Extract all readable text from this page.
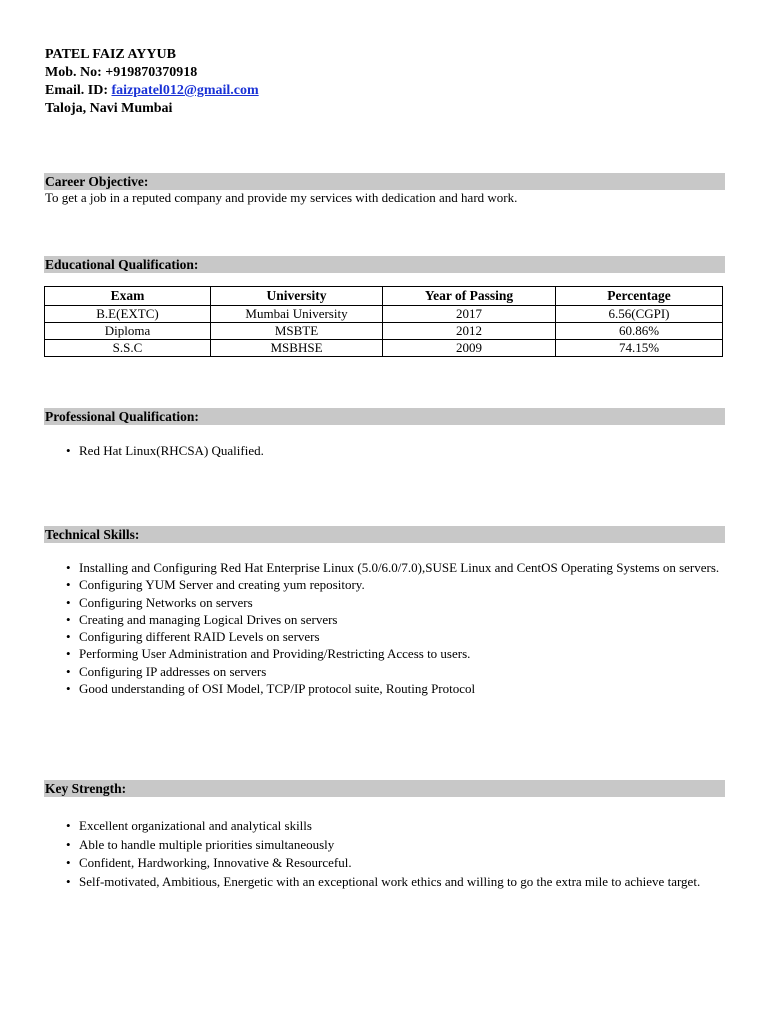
PATEL FAIZ AYYUB
Mob. No: +919870370918
Email. ID: faizpatel012@gmail.com
Taloja, Navi Mumbai
Career Objective:
To get a job in a reputed company and provide my services with dedication and hard work.
Educational Qualification:
Exam	University	Year of Passing	Percentage
B.E(EXTC)	Mumbai University	2017	6.56(CGPI)
Diploma	MSBTE	2012	60.86%
S.S.C	MSBHSE	2009	74.15%
Professional Qualification:
• Red Hat Linux(RHCSA) Qualified.
Technical Skills:
• Installing and Configuring Red Hat Enterprise Linux (5.0/6.0/7.0),SUSE Linux and CentOS Operating Systems on servers.
• Configuring YUM Server and creating yum repository.
• Configuring Networks on servers
• Creating and managing Logical Drives on servers
• Configuring different RAID Levels on servers
• Performing User Administration and Providing/Restricting Access to users.
• Configuring IP addresses on servers
• Good understanding of OSI Model, TCP/IP protocol suite, Routing Protocol
Key Strength:
• Excellent organizational and analytical skills
• Able to handle multiple priorities simultaneously
• Confident, Hardworking, Innovative & Resourceful.
• Self-motivated, Ambitious, Energetic with an exceptional work ethics and willing to go the extra mile to achieve target.
